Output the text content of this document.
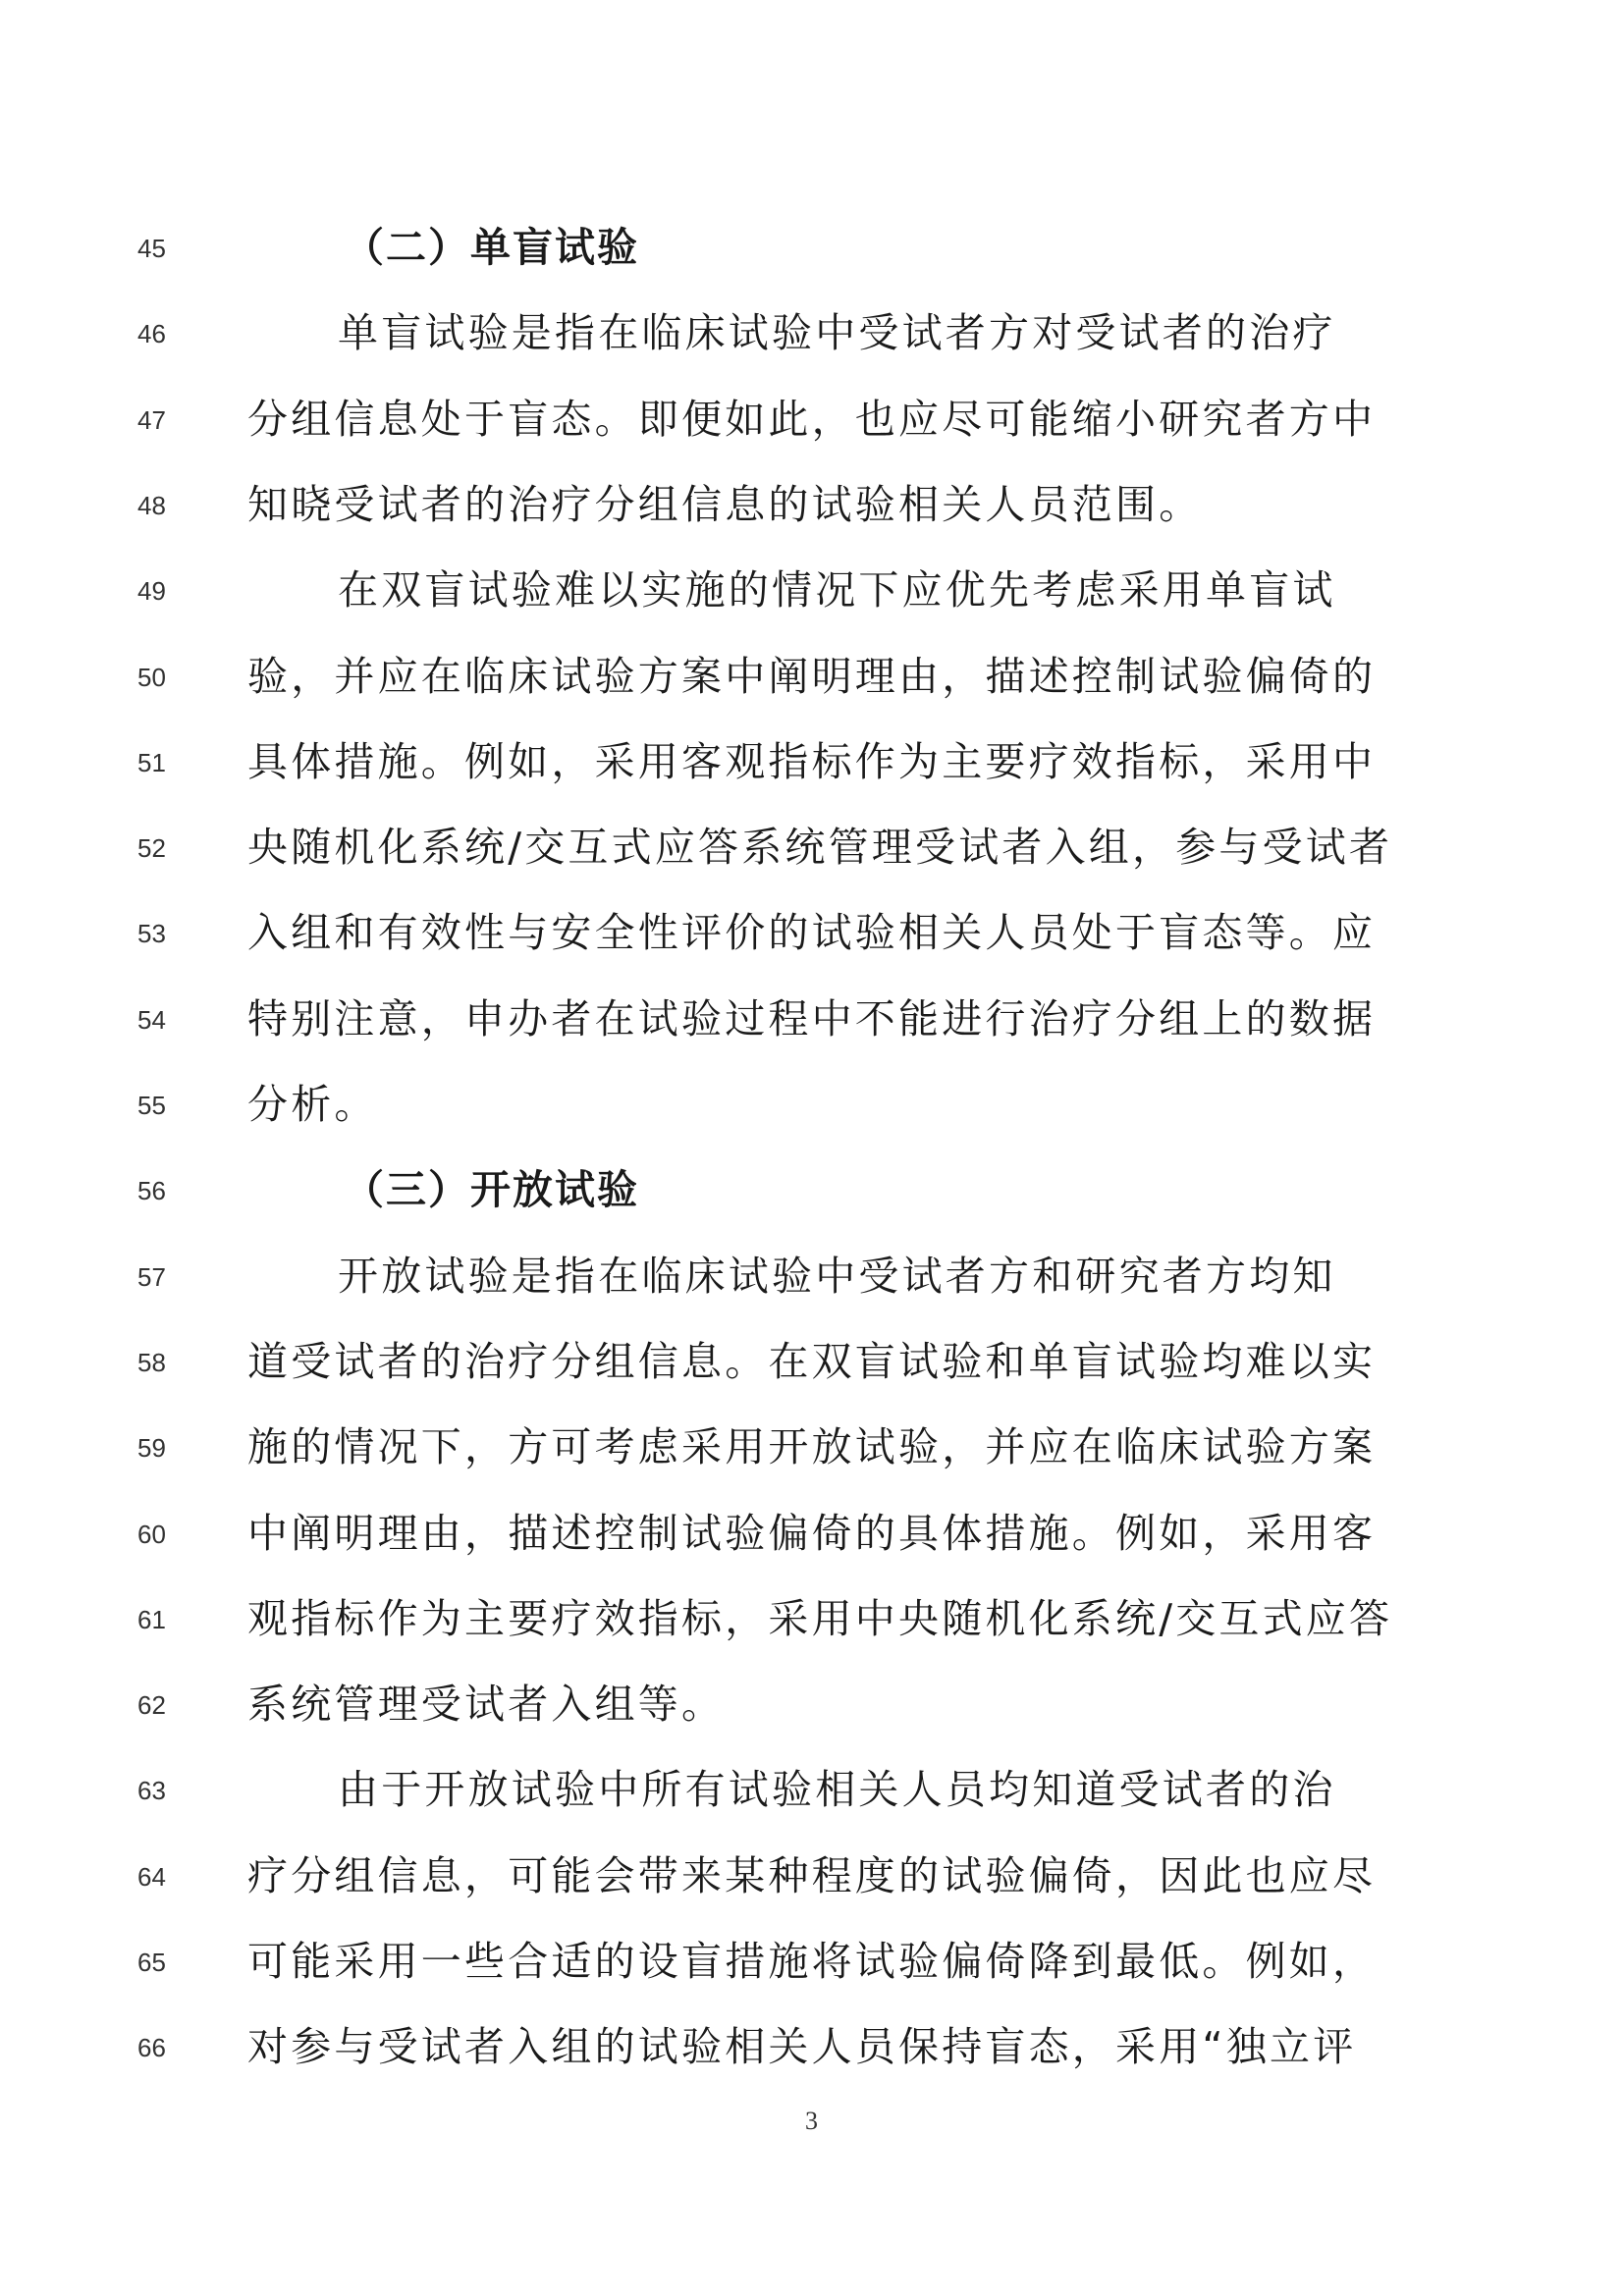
45	（二）单盲试验
46	单盲试验是指在临床试验中受试者方对受试者的治疗
47	分组信息处于盲态。即便如此，也应尽可能缩小研究者方中
48	知晓受试者的治疗分组信息的试验相关人员范围。
49	在双盲试验难以实施的情况下应优先考虑采用单盲试
50	验，并应在临床试验方案中阐明理由，描述控制试验偏倚的
51	具体措施。例如，采用客观指标作为主要疗效指标，采用中
52	央随机化系统/交互式应答系统管理受试者入组，参与受试者
53	入组和有效性与安全性评价的试验相关人员处于盲态等。应
54	特别注意，申办者在试验过程中不能进行治疗分组上的数据
55	分析。
56	（三）开放试验
57	开放试验是指在临床试验中受试者方和研究者方均知
58	道受试者的治疗分组信息。在双盲试验和单盲试验均难以实
59	施的情况下，方可考虑采用开放试验，并应在临床试验方案
60	中阐明理由，描述控制试验偏倚的具体措施。例如，采用客
61	观指标作为主要疗效指标，采用中央随机化系统/交互式应答
62	系统管理受试者入组等。
63	由于开放试验中所有试验相关人员均知道受试者的治
64	疗分组信息，可能会带来某种程度的试验偏倚，因此也应尽
65	可能采用一些合适的设盲措施将试验偏倚降到最低。例如，
66	对参与受试者入组的试验相关人员保持盲态，采用“独立评
3
